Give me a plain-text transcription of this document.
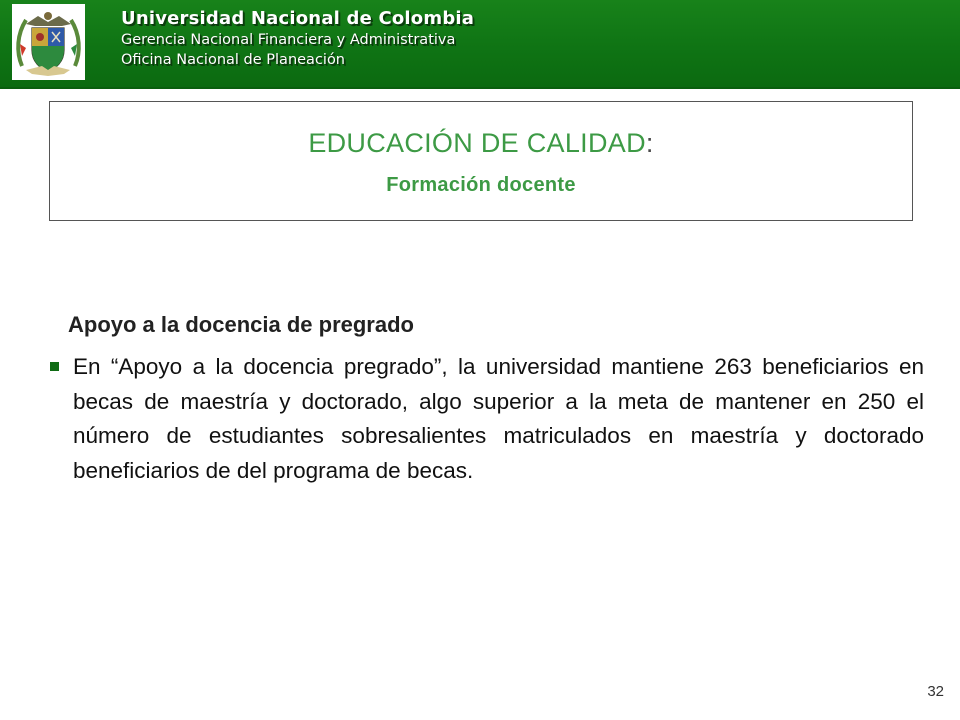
Universidad Nacional de Colombia
Gerencia Nacional Financiera y Administrativa
Oficina Nacional de Planeación
EDUCACIÓN DE CALIDAD:
Formación docente
Apoyo a la docencia de pregrado
En “Apoyo a la docencia pregrado”, la universidad mantiene 263 beneficiarios en becas de maestría y doctorado, algo superior a la meta de mantener en 250 el número de estudiantes sobresalientes matriculados en maestría y doctorado beneficiarios de del programa de becas.
32
